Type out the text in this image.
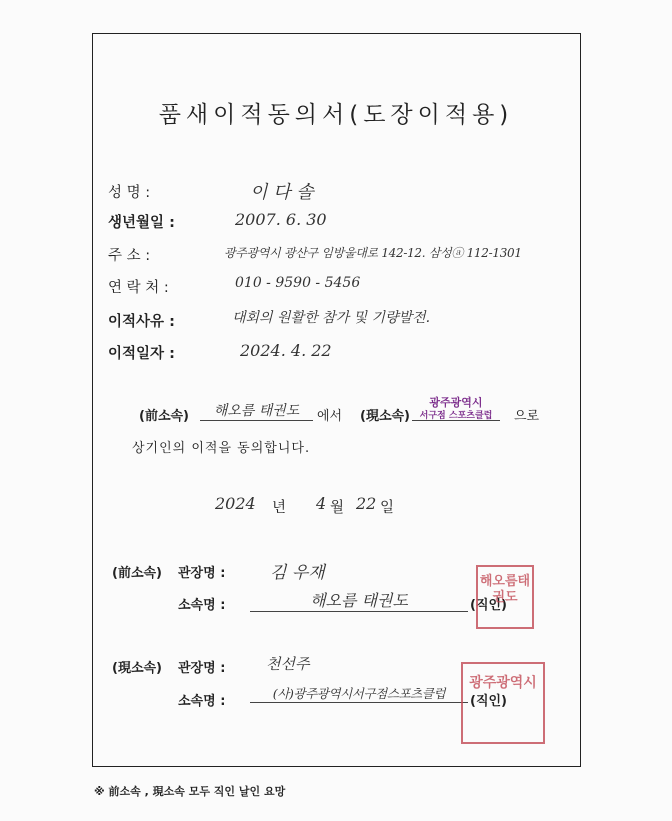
품새이적동의서(도장이적용)
성 명 :	이 다 솔
생년월일 :	2007. 6. 30
주 소 :	광주광역시 광산구 임방울대로 142-12. 삼성ⓐ 112-1301
연 락 처 :	010 - 9590 - 5456
이적사유 :	대회의 원활한 참가 및 기량발전.
이적일자 :	2024. 4. 22
(前소속)	해오름 태권도	에서 (現소속)
광주광역시
서구점 스포츠클럽	으로
상기인의 이적을 동의합니다.
2024 년 4 월 22 일
(前소속) 관장명 :	김 우재
소속명 :	해오름 태권도	(직인)
해오름태권도
(現소속) 관장명 :	천선주
소속명 :
(사)광주광역시서구점스포츠클럽
(직인)
광주광역시
※ 前소속 , 現소속 모두 직인 날인 요망
